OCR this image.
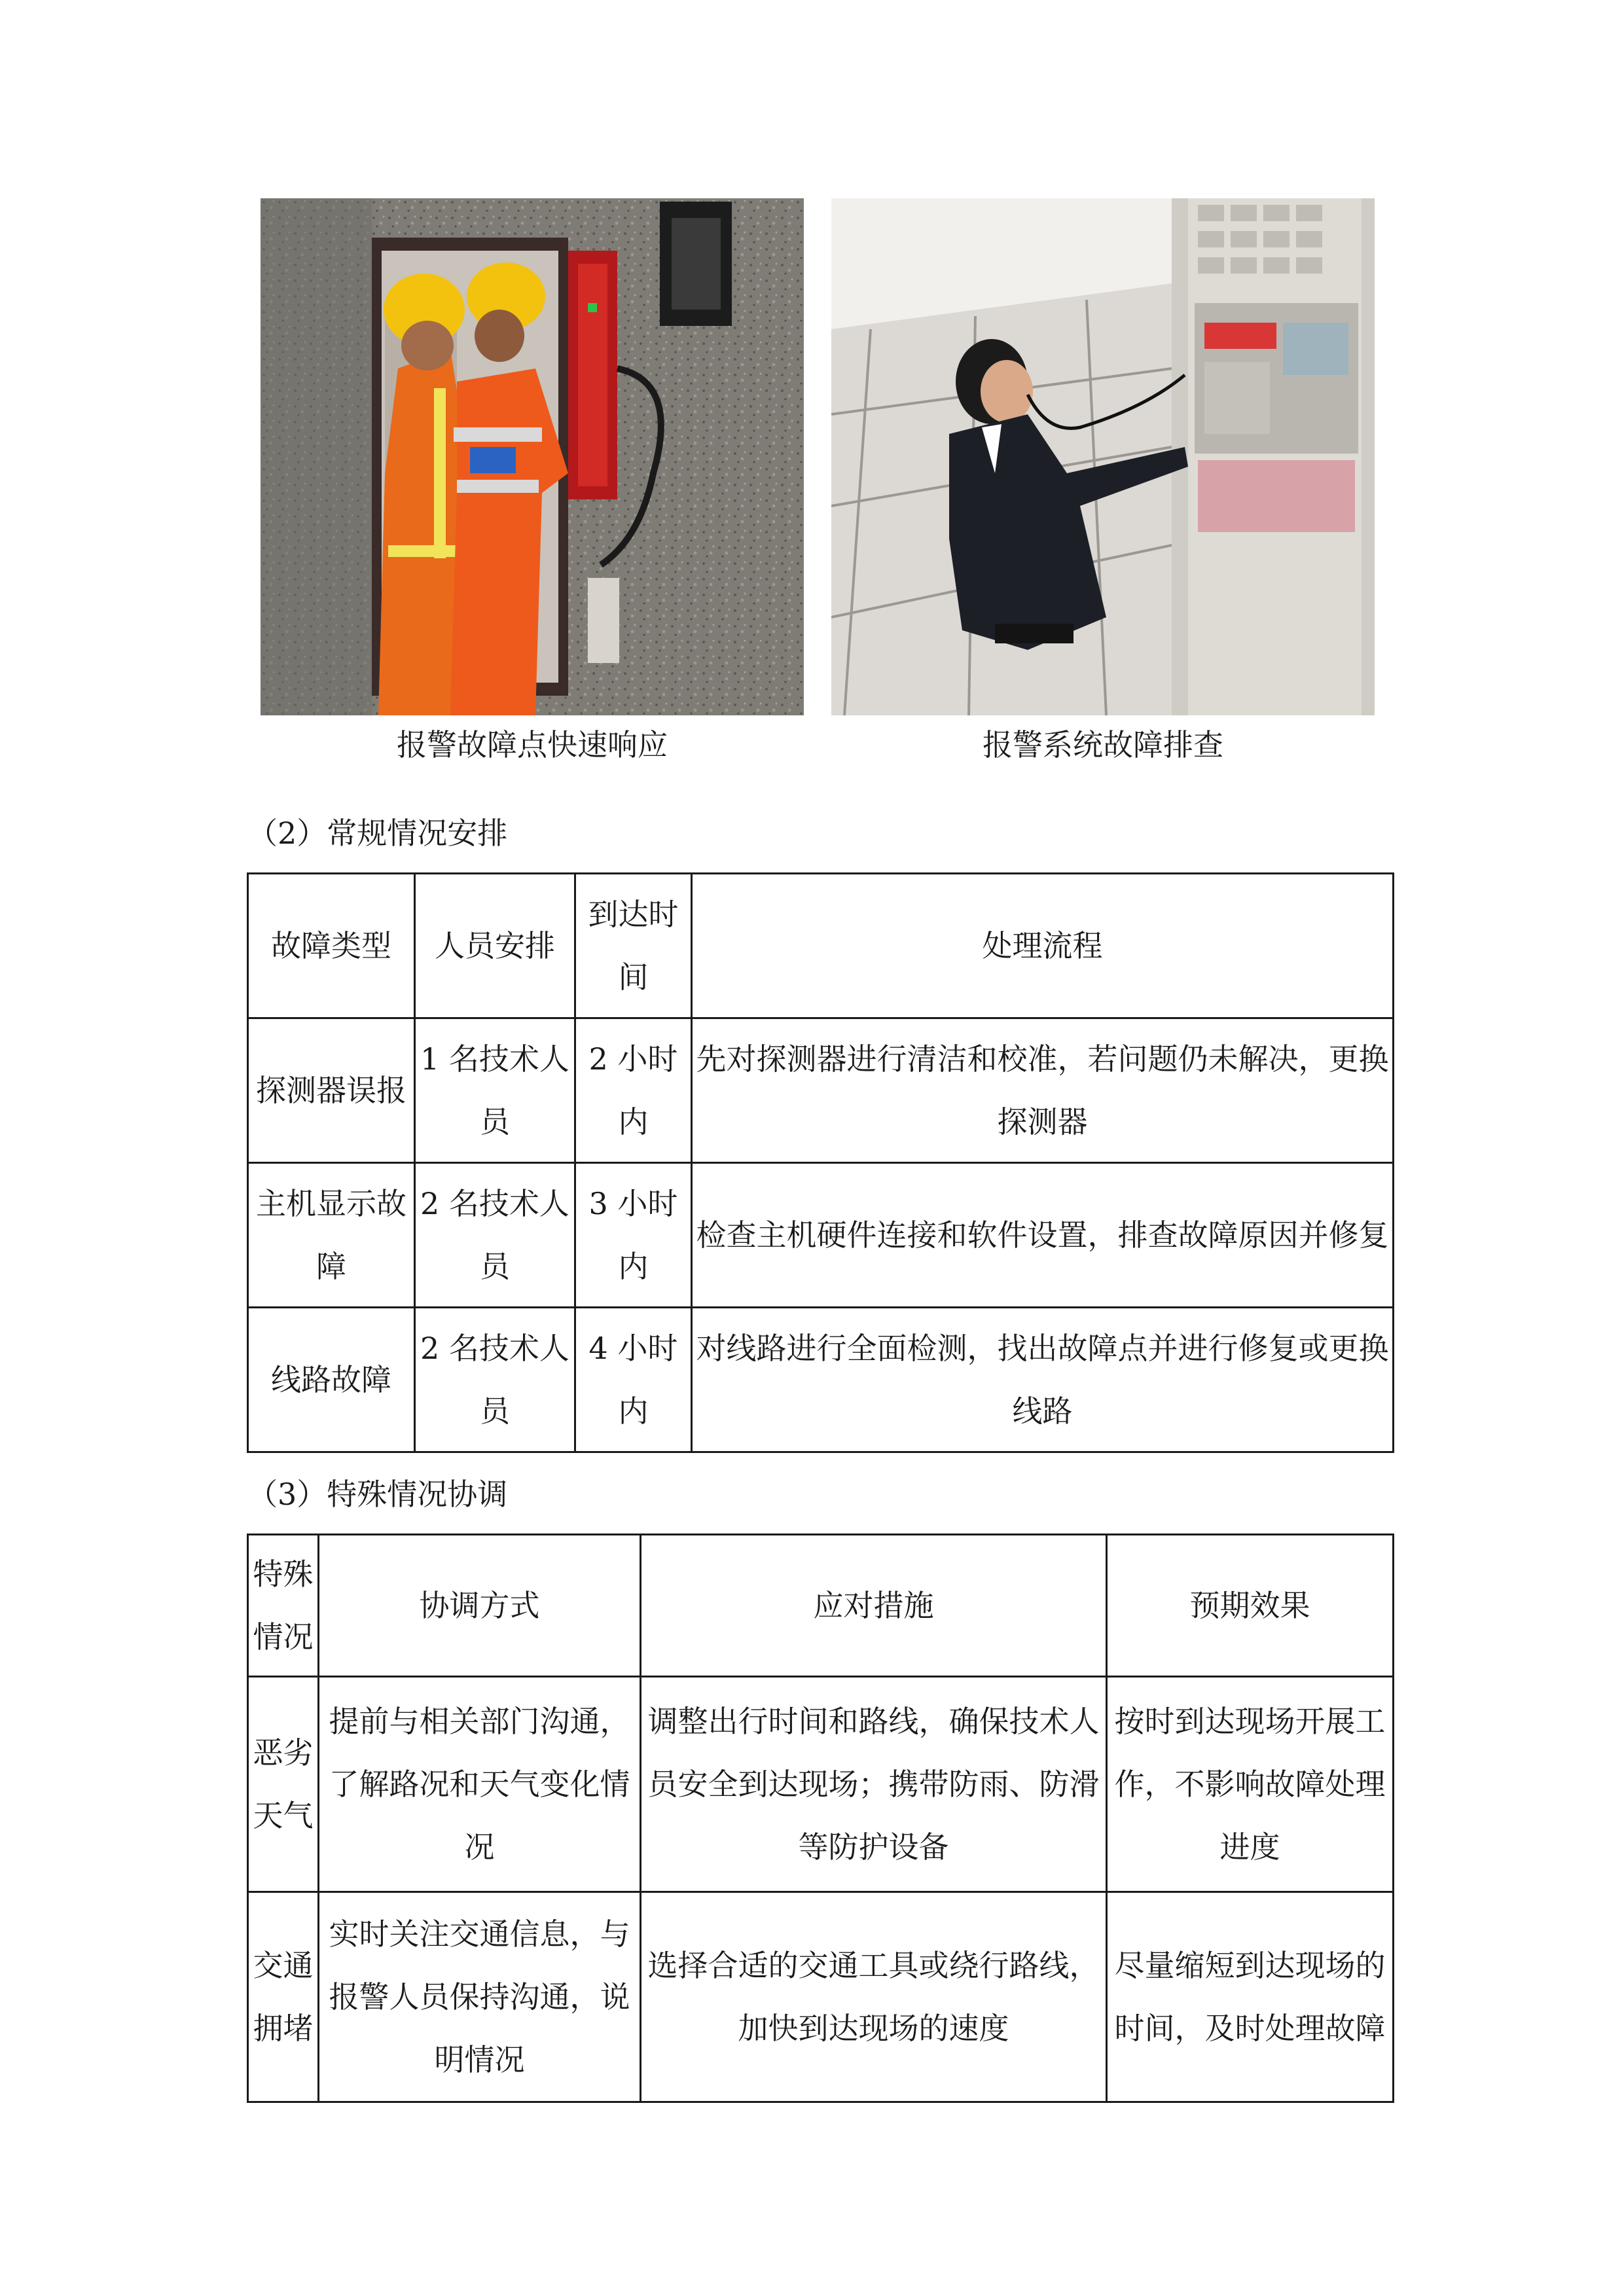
报警故障点快速响应	报警系统故障排查
（2）常规情况安排
故障类型	人员安排	到达时间	处理流程
探测器误报	1 名技术人员	2 小时内	先对探测器进行清洁和校准，若问题仍未解决，更换探测器
主机显示故障	2 名技术人员	3 小时内	检查主机硬件连接和软件设置，排查故障原因并修复
线路故障	2 名技术人员	4 小时内	对线路进行全面检测，找出故障点并进行修复或更换线路
（3）特殊情况协调
特殊情况	协调方式	应对措施	预期效果
恶劣天气	提前与相关部门沟通，了解路况和天气变化情况	调整出行时间和路线，确保技术人员安全到达现场；携带防雨、防滑等防护设备	按时到达现场开展工作，不影响故障处理进度
交通拥堵	实时关注交通信息，与报警人员保持沟通，说明情况	选择合适的交通工具或绕行路线，加快到达现场的速度	尽量缩短到达现场的时间，及时处理故障
